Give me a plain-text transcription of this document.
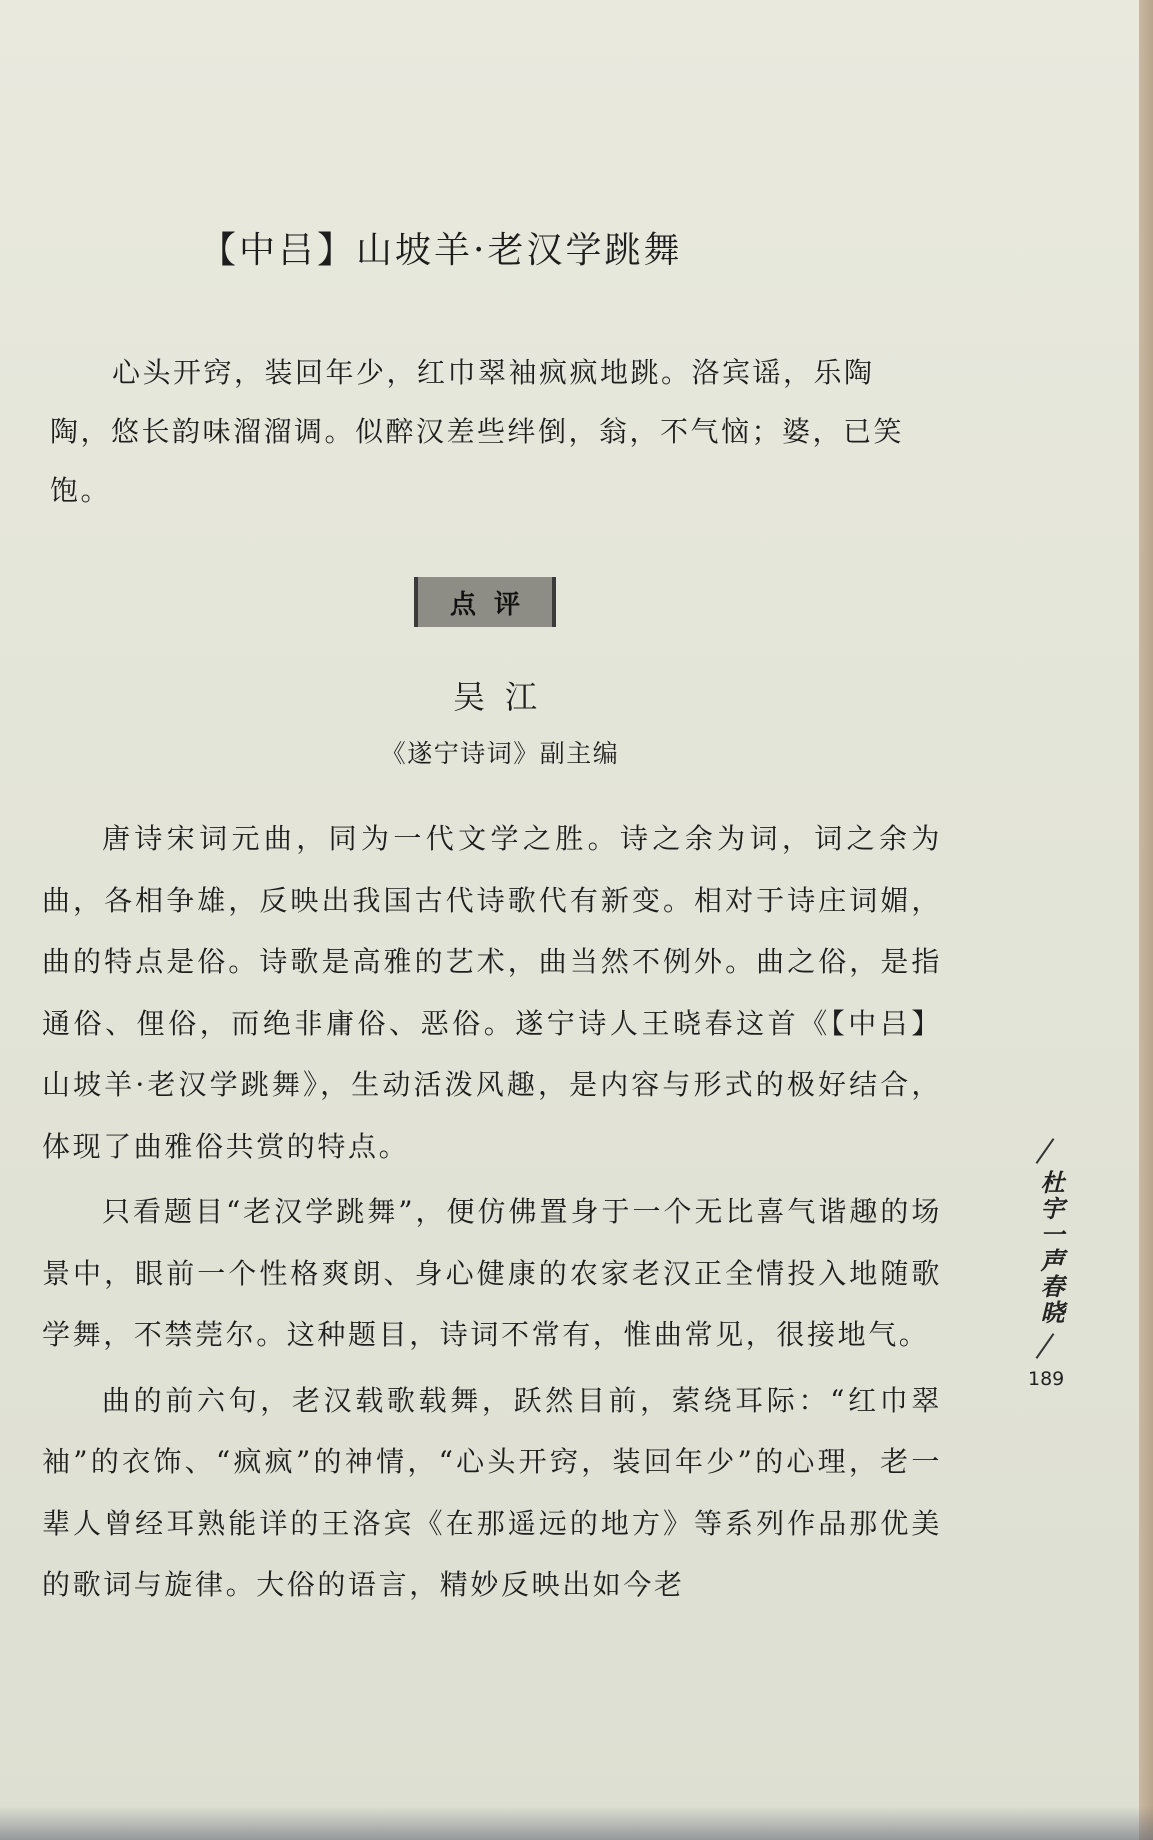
【中吕】山坡羊·老汉学跳舞

心头开窍，装回年少，红巾翠袖疯疯地跳。洛宾谣，乐陶陶，悠长韵味溜溜调。似醉汉差些绊倒，翁，不气恼；婆，已笑饱。

点评
吴江
《遂宁诗词》副主编

唐诗宋词元曲，同为一代文学之胜。诗之余为词，词之余为曲，各相争雄，反映出我国古代诗歌代有新变。相对于诗庄词媚，曲的特点是俗。诗歌是高雅的艺术，曲当然不例外。曲之俗，是指通俗、俚俗，而绝非庸俗、恶俗。遂宁诗人王晓春这首《【中吕】山坡羊·老汉学跳舞》，生动活泼风趣，是内容与形式的极好结合，体现了曲雅俗共赏的特点。

只看题目“老汉学跳舞”，便仿佛置身于一个无比喜气谐趣的场景中，眼前一个性格爽朗、身心健康的农家老汉正全情投入地随歌学舞，不禁莞尔。这种题目，诗词不常有，惟曲常见，很接地气。

曲的前六句，老汉载歌载舞，跃然目前，萦绕耳际：“红巾翠袖”的衣饰、“疯疯”的神情，“心头开窍，装回年少”的心理，老一辈人曾经耳熟能详的王洛宾《在那遥远的地方》等系列作品那优美的歌词与旋律。大俗的语言，精妙反映出如今老

杜宇一声春晓
189
